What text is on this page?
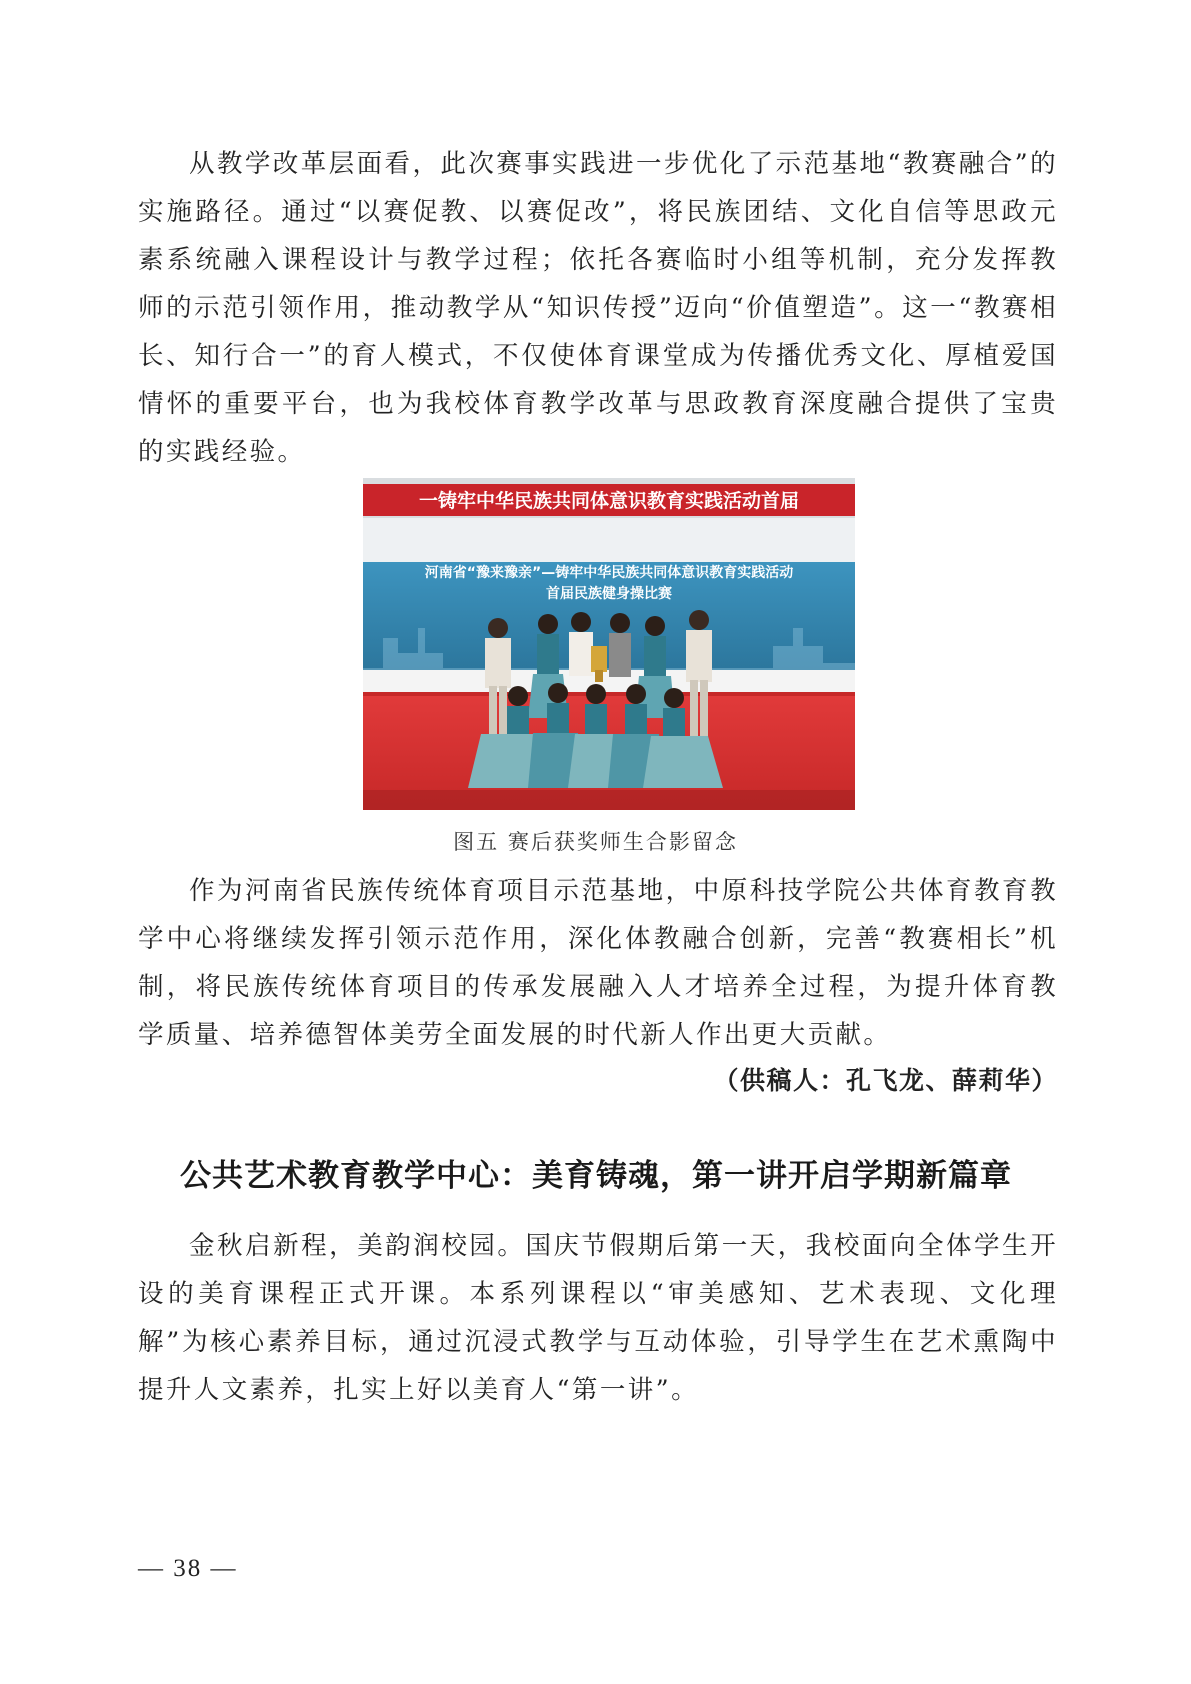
从教学改革层面看，此次赛事实践进一步优化了示范基地“教赛融合”的实施路径。通过“以赛促教、以赛促改”，将民族团结、文化自信等思政元素系统融入课程设计与教学过程；依托各赛临时小组等机制，充分发挥教师的示范引领作用，推动教学从“知识传授”迈向“价值塑造”。这一“教赛相长、知行合一”的育人模式，不仅使体育课堂成为传播优秀文化、厚植爱国情怀的重要平台，也为我校体育教学改革与思政教育深度融合提供了宝贵的实践经验。

一铸牢中华民族共同体意识教育实践活动首届
河南省“豫来豫亲”—铸牢中华民族共同体意识教育实践活动
首届民族健身操比赛
图五 赛后获奖师生合影留念

作为河南省民族传统体育项目示范基地，中原科技学院公共体育教育教学中心将继续发挥引领示范作用，深化体教融合创新，完善“教赛相长”机制，将民族传统体育项目的传承发展融入人才培养全过程，为提升体育教学质量、培养德智体美劳全面发展的时代新人作出更大贡献。

（供稿人：孔飞龙、薛莉华）
公共艺术教育教学中心：美育铸魂，第一讲开启学期新篇章

金秋启新程，美韵润校园。国庆节假期后第一天，我校面向全体学生开设的美育课程正式开课。本系列课程以“审美感知、艺术表现、文化理解”为核心素养目标，通过沉浸式教学与互动体验，引导学生在艺术熏陶中提升人文素养，扎实上好以美育人“第一讲”。

— 38 —
